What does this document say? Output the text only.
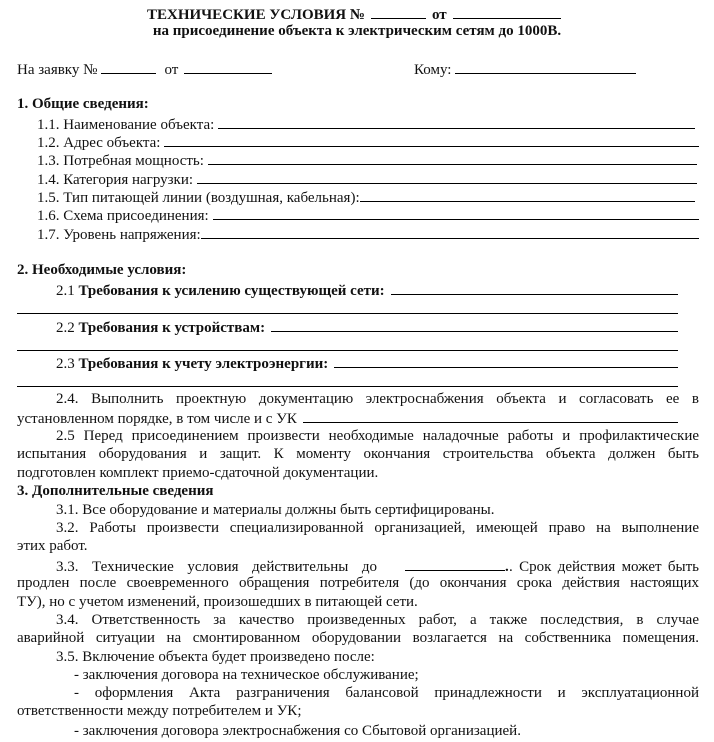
ТЕХНИЧЕСКИЕ УСЛОВИЯ №	от
на присоединение объекта к электрическим сетям до 1000В.
На заявку №	от	Кому:
1. Общие сведения:
1.1. Наименование объекта:
1.2. Адрес объекта:
1.3. Потребная мощность:
1.4. Категория нагрузки:
1.5. Тип питающей линии (воздушная, кабельная):
1.6. Схема присоединения:
1.7. Уровень напряжения:
2. Необходимые условия:
2.1
Требования к усилению существующей сети:
2.2
Требования к устройствам:
2.3
Требования к учету электроэнергии:
2.4. Выполнить проектную документацию электроснабжения объекта и согласовать ее в
установленном порядке, в том числе и с УК
2.5 Перед присоединением произвести необходимые наладочные работы и профилактические
испытания оборудования и защит. К моменту окончания строительства объекта должен быть
подготовлен комплект приемо-сдаточной документации.
3. Дополнительные сведения
3.1. Все оборудование и материалы должны быть сертифицированы.
3.2. Работы произвести специализированной организацией, имеющей право на выполнение
этих работ.
3.3. Технические условия действительны до	. . Срок действия может быть
продлен после своевременного обращения потребителя (до окончания срока действия настоящих
ТУ), но с учетом изменений, произошедших в питающей сети.
3.4. Ответственность за качество произведенных работ, а также последствия, в случае
аварийной ситуации на смонтированном оборудовании возлагается на собственника помещения.
3.5. Включение объекта будет произведено после:
- заключения договора на техническое обслуживание;
- оформления Акта разграничения балансовой принадлежности и эксплуатационной
ответственности между потребителем и УК;
- заключения договора электроснабжения со Сбытовой организацией.
